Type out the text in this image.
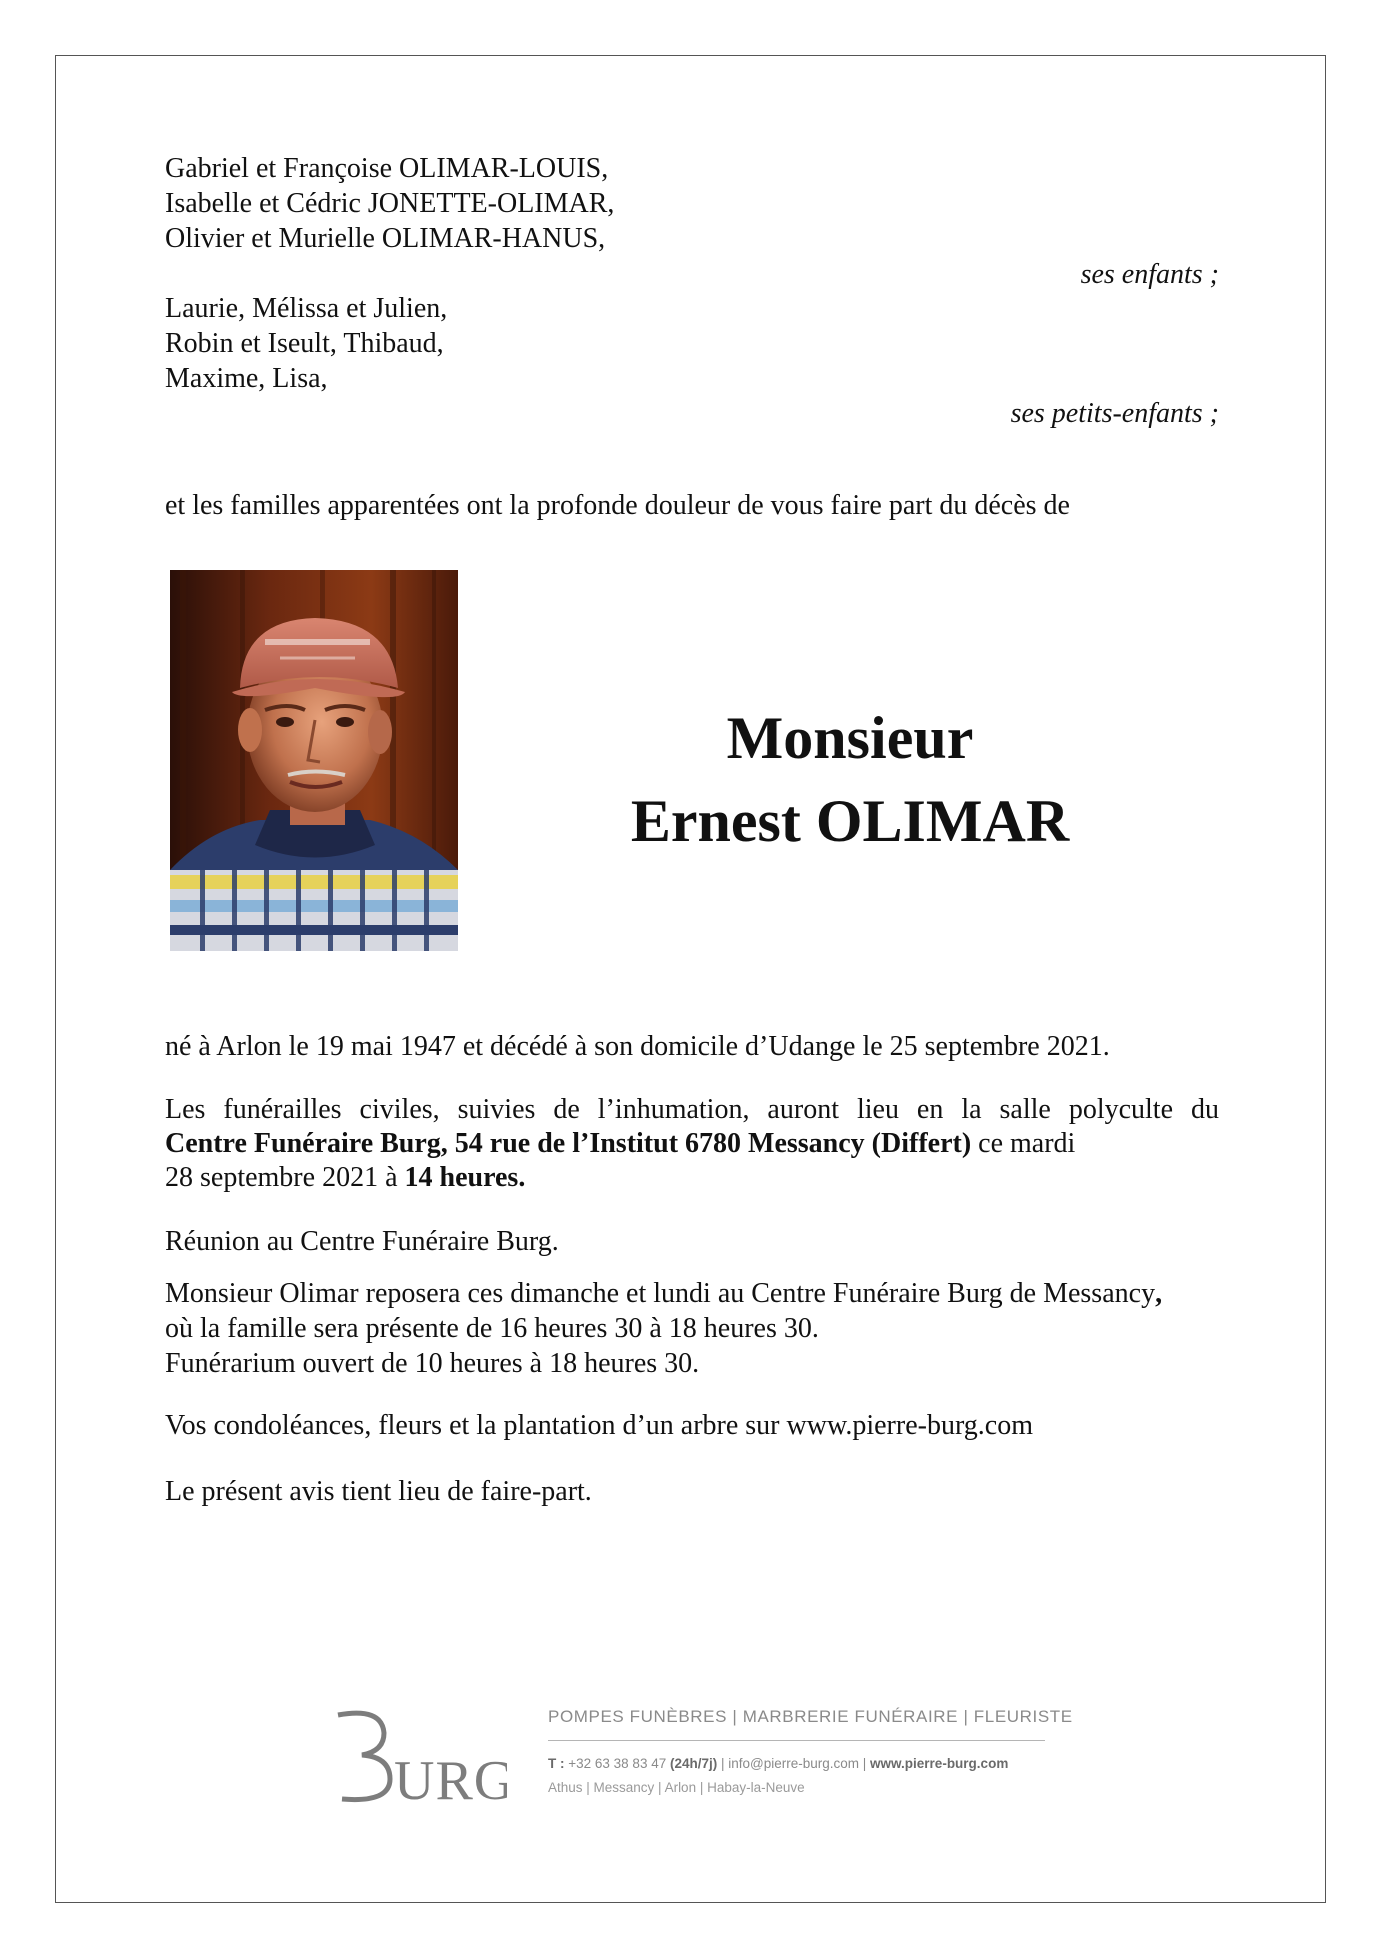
Gabriel et Françoise OLIMAR-LOUIS,
Isabelle et Cédric JONETTE-OLIMAR,
Olivier et Murielle OLIMAR-HANUS,
ses enfants ;
Laurie, Mélissa et Julien,
Robin et Iseult, Thibaud,
Maxime, Lisa,
ses petits-enfants ;
et les familles apparentées ont la profonde douleur de vous faire part du décès de
Monsieur
Ernest OLIMAR
né à Arlon le 19 mai 1947 et décédé à son domicile d’Udange le 25 septembre 2021.
Les funérailles civiles, suivies de l’inhumation, auront lieu en la salle polyculte du
Centre Funéraire Burg, 54 rue de l’Institut 6780 Messancy (Differt) ce mardi
28 septembre 2021 à 14 heures.
Réunion au Centre Funéraire Burg.
Monsieur Olimar reposera ces dimanche et lundi au Centre Funéraire Burg de Messancy,
où la famille sera présente de 16 heures 30 à 18 heures 30.
Funérarium ouvert de 10 heures à 18 heures 30.
Vos condoléances, fleurs et la plantation d’un arbre sur www.pierre-burg.com
Le présent avis tient lieu de faire-part.
URG
POMPES FUNÈBRES | MARBRERIE FUNÉRAIRE | FLEURISTE
T : +32 63 38 83 47 (24h/7j) | info@pierre-burg.com | www.pierre-burg.com
Athus | Messancy | Arlon | Habay-la-Neuve
